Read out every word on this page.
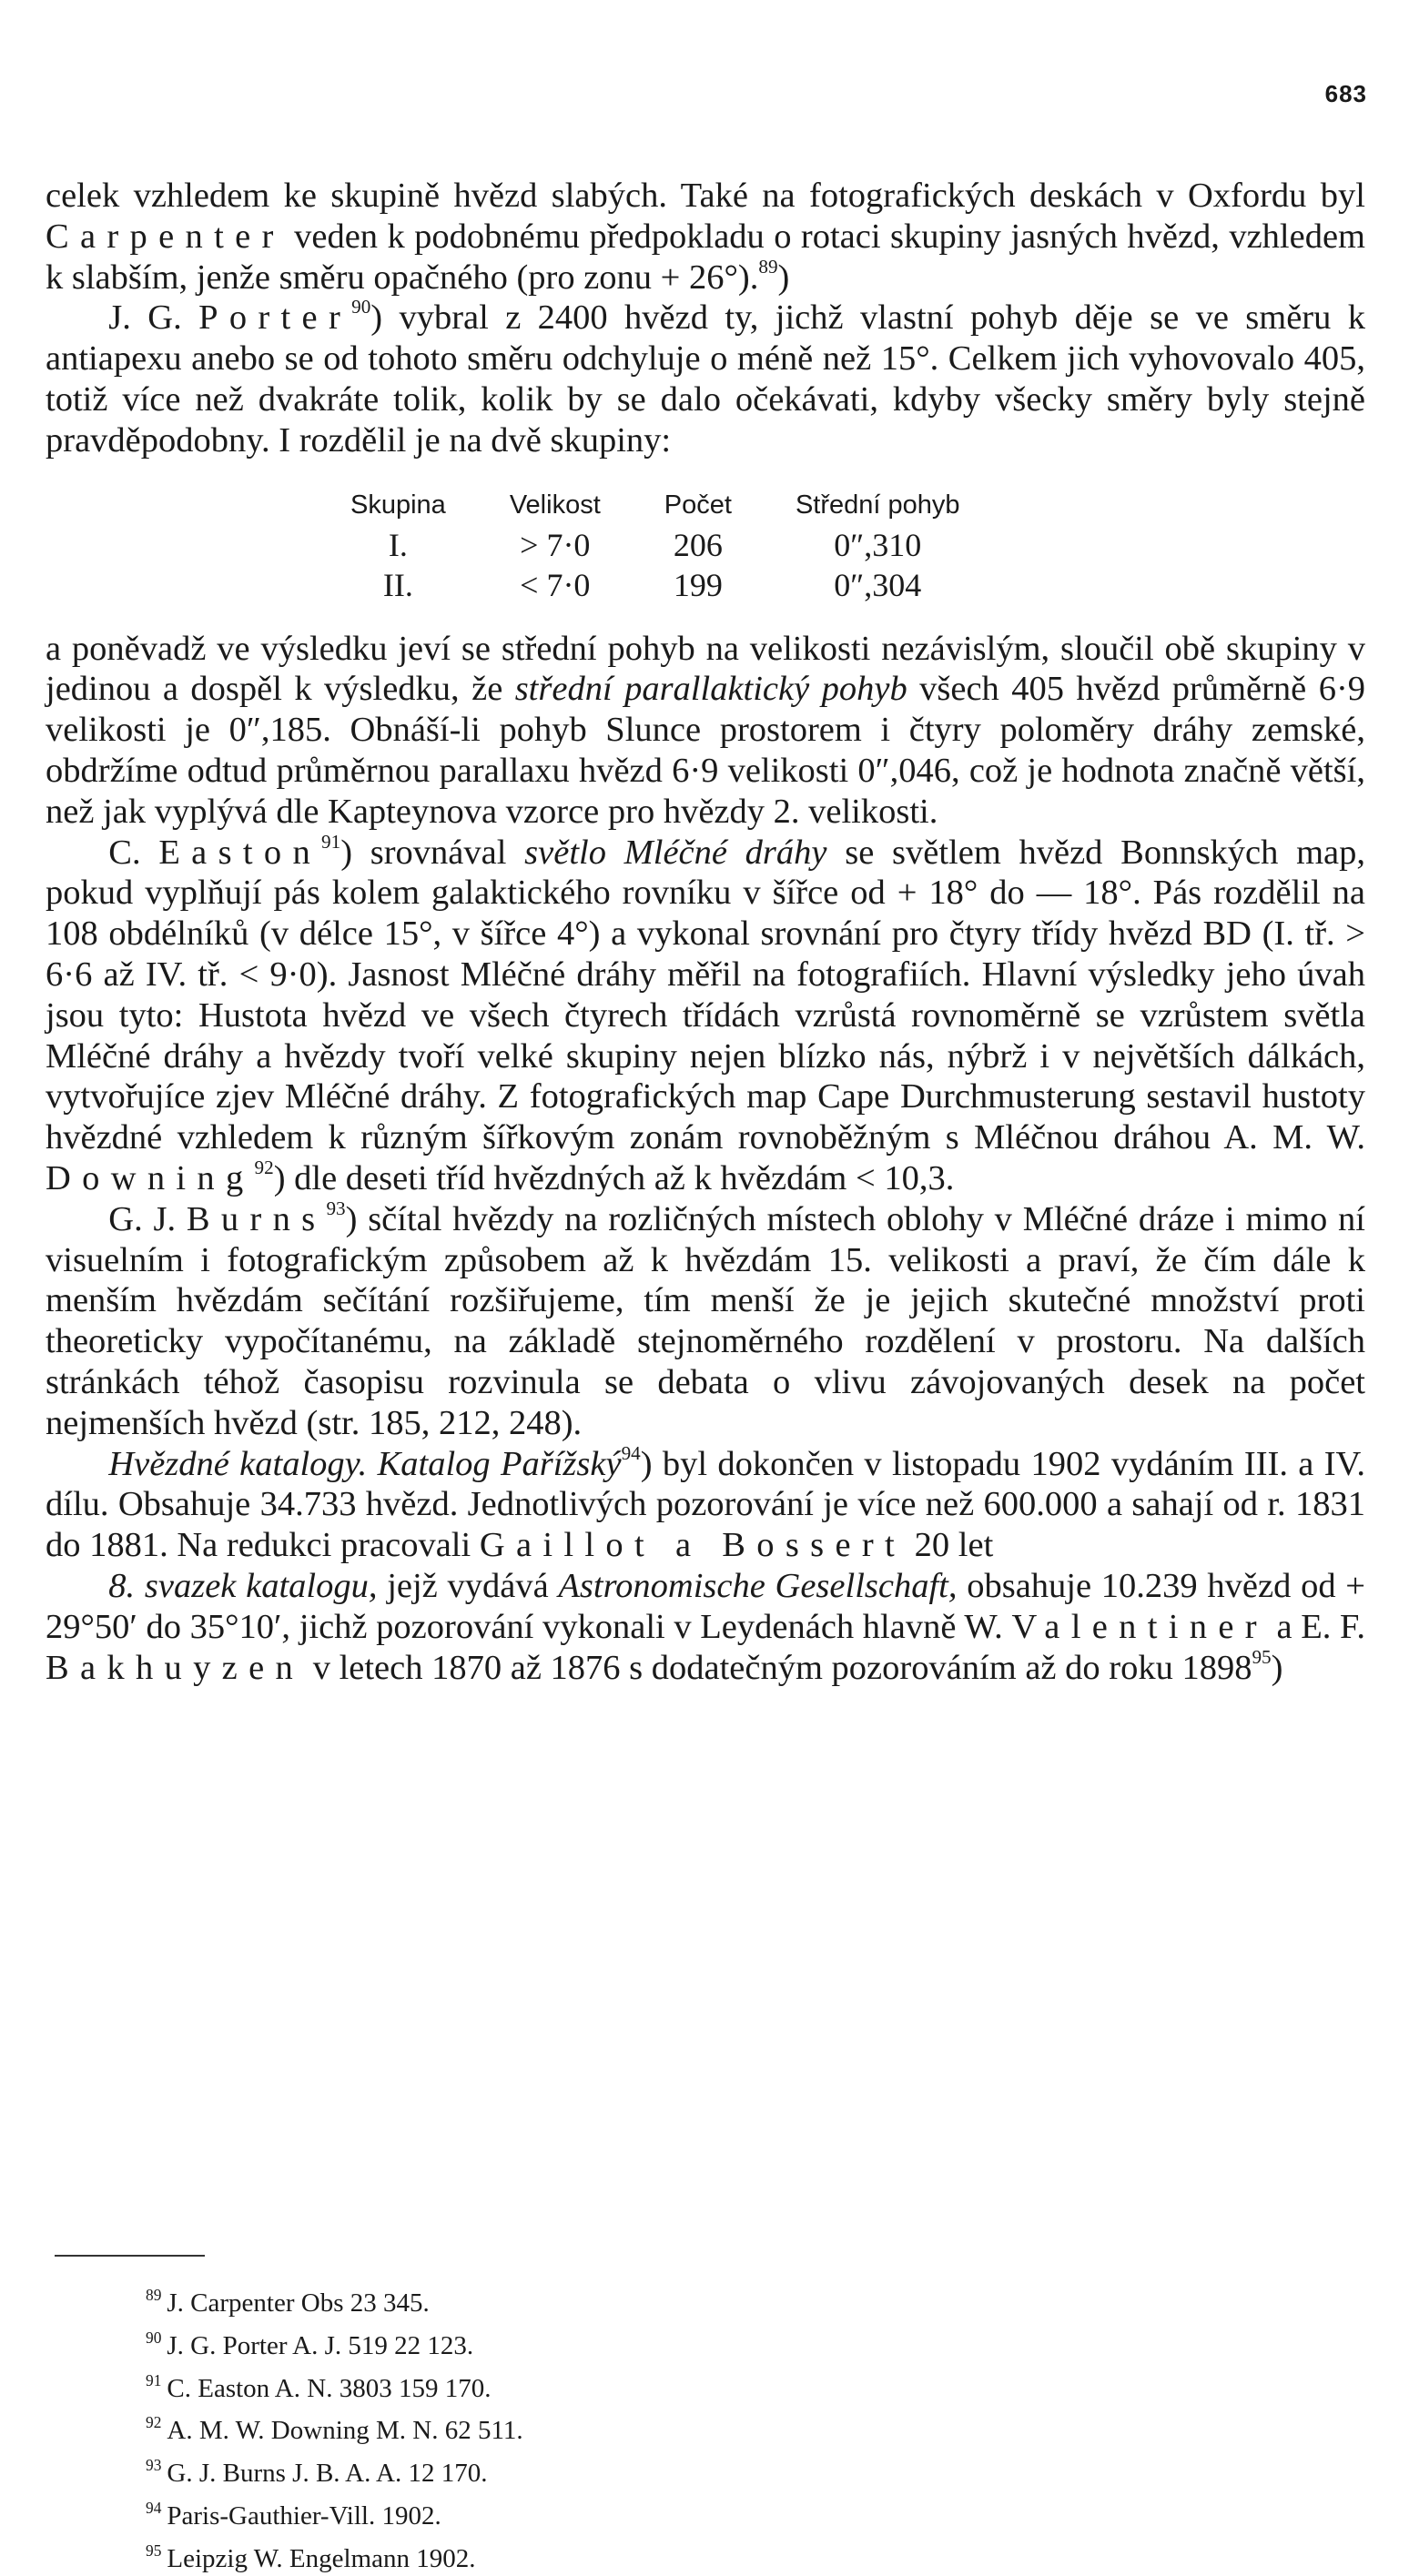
683

celek vzhledem ke skupině hvězd slabých. Také na fotografických deskách v Oxfordu byl Carpenter veden k podobnému předpokladu o rotaci skupiny jasných hvězd, vzhledem k slabším, jenže směru opačného (pro zonu + 26°).$^{89}$)

J. G. Porter$^{90}$) vybral z 2400 hvězd ty, jichž vlastní pohyb děje se ve směru k antiapexu anebo se od tohoto směru odchyluje o méně než 15°. Celkem jich vyhovovalo 405, totiž více než dvakráte tolik, kolik by se dalo očekávati, kdyby všecky směry byly stejně pravděpodobny. I rozdělil je na dvě skupiny:

Skupina	Velikost	Počet	Střední pohyb
I.	> 7·0	206	0″,310
II.	< 7·0	199	0″,304

a poněvadž ve výsledku jeví se střední pohyb na velikosti nezávislým, sloučil obě skupiny v jedinou a dospěl k výsledku, že střední parallaktický pohyb všech 405 hvězd průměrně 6·9 velikosti je 0″,185. Obnáší-li pohyb Slunce prostorem i čtyry poloměry dráhy zemské, obdržíme odtud průměrnou parallaxu hvězd 6·9 velikosti 0″,046, což je hodnota značně větší, než jak vyplývá dle Kapteynova vzorce pro hvězdy 2. velikosti.

C. Easton$^{91}$) srovnával světlo Mléčné dráhy se světlem hvězd Bonnských map, pokud vyplňují pás kolem galaktického rovníku v šířce od + 18° do — 18°. Pás rozdělil na 108 obdélníků (v délce 15°, v šířce 4°) a vykonal srovnání pro čtyry třídy hvězd BD (I. tř. > 6·6 až IV. tř. < 9·0). Jasnost Mléčné dráhy měřil na fotografiích. Hlavní výsledky jeho úvah jsou tyto: Hustota hvězd ve všech čtyrech třídách vzrůstá rovnoměrně se vzrůstem světla Mléčné dráhy a hvězdy tvoří velké skupiny nejen blízko nás, nýbrž i v největších dálkách, vytvořujíce zjev Mléčné dráhy. Z fotografických map Cape Durchmusterung sestavil hustoty hvězdné vzhledem k různým šířkovým zonám rovnoběžným s Mléčnou dráhou A. M. W. Downing$^{92}$) dle deseti tříd hvězdných až k hvězdám < 10,3.

G. J. Burns$^{93}$) sčítal hvězdy na rozličných místech oblohy v Mléčné dráze i mimo ní visuelním i fotografickým způsobem až k hvězdám 15. velikosti a praví, že čím dále k menším hvězdám sečítání rozšiřujeme, tím menší že je jejich skutečné množství proti theoreticky vypočítanému, na základě stejnoměrného rozdělení v prostoru. Na dalších stránkách téhož časopisu rozvinula se debata o vlivu závojovaných desek na počet nejmenších hvězd (str. 185, 212, 248).

Hvězdné katalogy. Katalog Pařížský$^{94}$) byl dokončen v listopadu 1902 vydáním III. a IV. dílu. Obsahuje 34.733 hvězd. Jednotlivých pozorování je více než 600.000 a sahají od r. 1831 do 1881. Na redukci pracovali Gaillot a Bossert 20 let

8. svazek katalogu, jejž vydává Astronomische Gesellschaft, obsahuje 10.239 hvězd od + 29°50′ do 35°10′, jichž pozorování vykonali v Leydenách hlavně W. Valentiner a E. F. Bakhuyzen v letech 1870 až 1876 s dodatečným pozorováním až do roku 1898$^{95}$)

$^{89}$ J. Carpenter Obs 23 345.
$^{90}$ J. G. Porter A. J. 519 22 123.
$^{91}$ C. Easton A. N. 3803 159 170.
$^{92}$ A. M. W. Downing M. N. 62 511.
$^{93}$ G. J. Burns J. B. A. A. 12 170.
$^{94}$ Paris-Gauthier-Vill. 1902.
$^{95}$ Leipzig W. Engelmann 1902.
